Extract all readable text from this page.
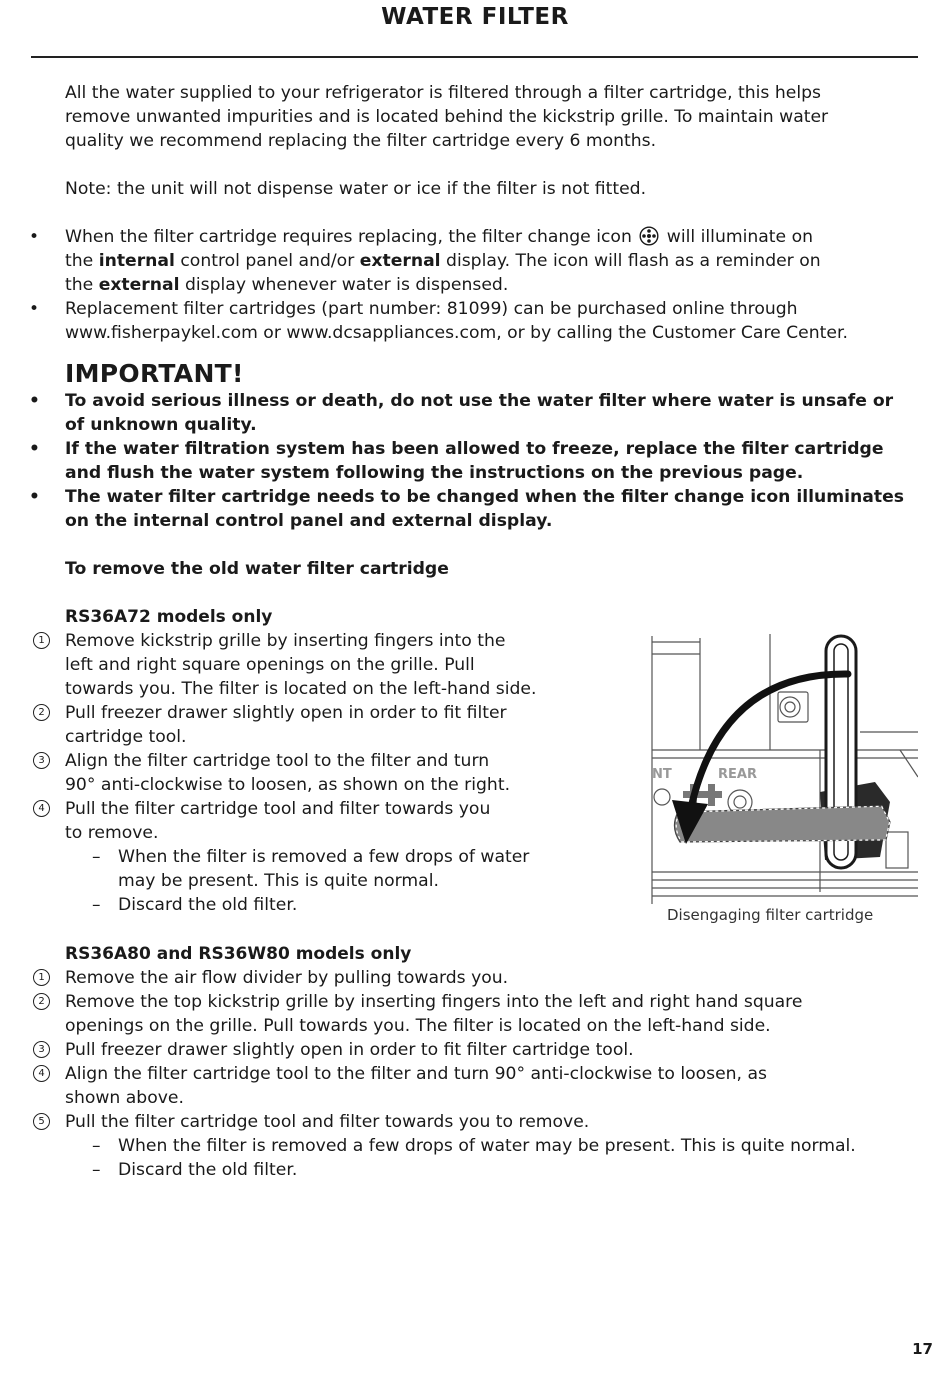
WATER FILTER
All the water supplied to your refrigerator is filtered through a filter cartridge, this helps
remove unwanted impurities and is located behind the kickstrip grille. To maintain water
quality we recommend replacing the filter cartridge every 6 months.
Note: the unit will not dispense water or ice if the filter is not fitted.
• When the filter cartridge requires replacing, the filter change icon will illuminate on
the internal control panel and/or external display. The icon will flash as a reminder on
the external display whenever water is dispensed.
• Replacement filter cartridges (part number: 81099) can be purchased online through
www.fisherpaykel.com or www.dcsappliances.com, or by calling the Customer Care Center.
IMPORTANT!
• To avoid serious illness or death, do not use the water filter where water is unsafe or
of unknown quality.
• If the water filtration system has been allowed to freeze, replace the filter cartridge
and flush the water system following the instructions on the previous page.
• The water filter cartridge needs to be changed when the filter change icon illuminates
on the internal control panel and external display.
To remove the old water filter cartridge
RS36A72 models only
1	Remove kickstrip grille by inserting fingers into the
left and right square openings on the grille. Pull
towards you. The filter is located on the left-hand side.
2	Pull freezer drawer slightly open in order to fit filter
cartridge tool.
3	Align the filter cartridge tool to the filter and turn
90° anti-clockwise to loosen, as shown on the right.
4	Pull the filter cartridge tool and filter towards you
to remove.
– When the filter is removed a few drops of water
may be present. This is quite normal.
– Discard the old filter.
NT	REAR
Disengaging filter cartridge
RS36A80 and RS36W80 models only
1	Remove the air flow divider by pulling towards you.
2	Remove the top kickstrip grille by inserting fingers into the left and right hand square
openings on the grille. Pull towards you. The filter is located on the left-hand side.
3	Pull freezer drawer slightly open in order to fit filter cartridge tool.
4	Align the filter cartridge tool to the filter and turn 90° anti-clockwise to loosen, as
shown above.
5	Pull the filter cartridge tool and filter towards you to remove.
– When the filter is removed a few drops of water may be present. This is quite normal.
– Discard the old filter.
17
